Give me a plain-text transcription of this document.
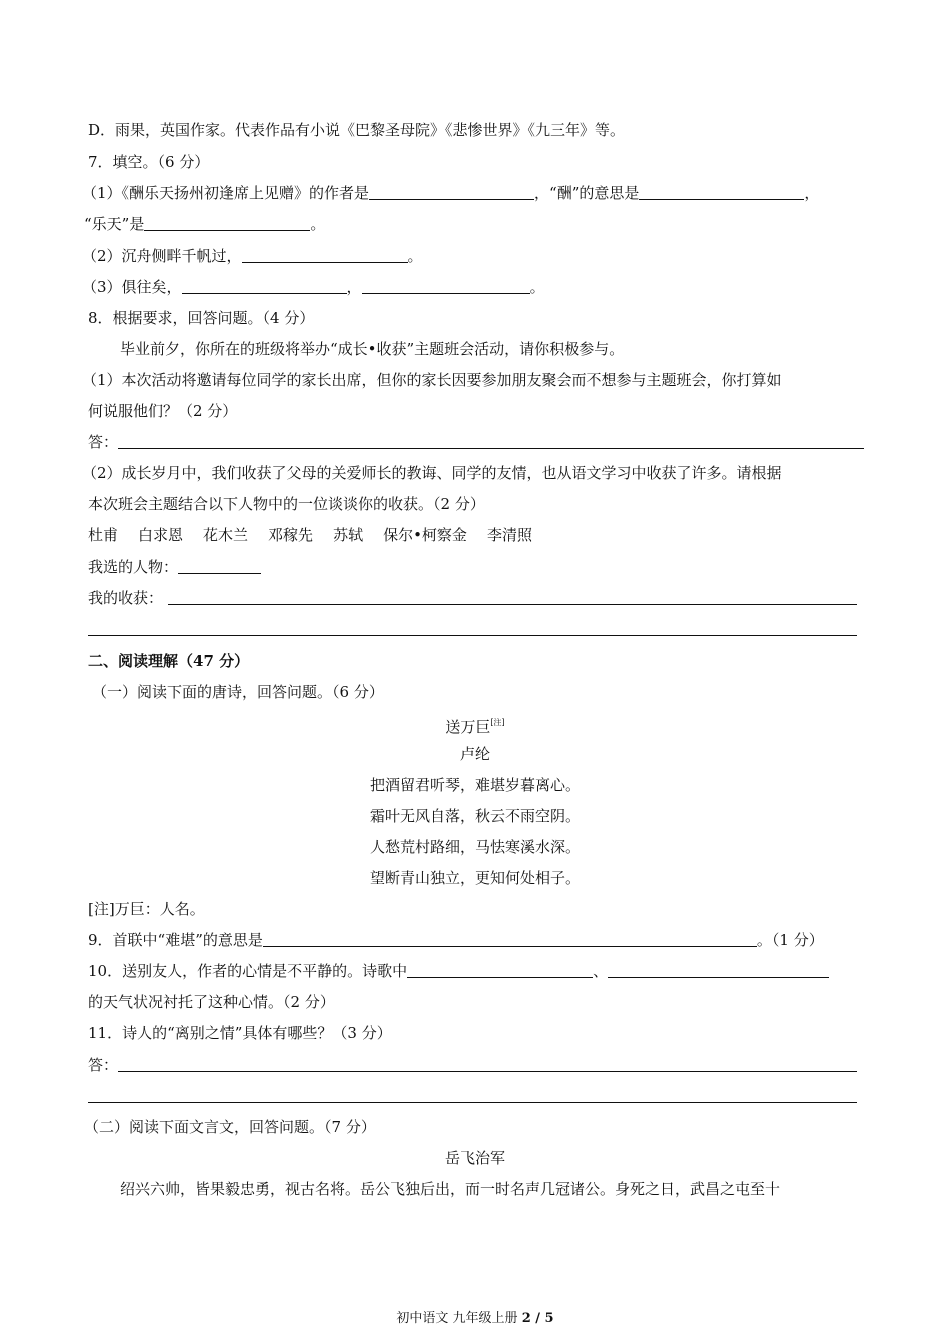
D．雨果，英国作家。代表作品有小说《巴黎圣母院》《悲惨世界》《九三年》等。
7．填空。（6 分）
（1）《酬乐天扬州初逢席上见赠》的作者是	，“酬”的意思是	，
“乐天”是	。
（2）沉舟侧畔千帆过，	。
（3）俱往矣，	，	。
8．根据要求，回答问题。（4 分）
毕业前夕，你所在的班级将举办“成长•收获”主题班会活动，请你积极参与。
（1）本次活动将邀请每位同学的家长出席，但你的家长因要参加朋友聚会而不想参与主题班会，你打算如
何说服他们？（2 分）
答：
（2）成长岁月中，我们收获了父母的关爱师长的教诲、同学的友情，也从语文学习中收获了许多。请根据
本次班会主题结合以下人物中的一位谈谈你的收获。（2 分）
杜甫 白求恩 花木兰 邓稼先 苏轼 保尔•柯察金 李清照
我选的人物：
我的收获：
二、阅读理解（47 分）
（一）阅读下面的唐诗，回答问题。（6 分）
送万巨[注]
卢纶
把酒留君听琴，难堪岁暮离心。
霜叶无风自落，秋云不雨空阴。
人愁荒村路细，马怯寒溪水深。
望断青山独立，更知何处相子。
[注]万巨：人名。
9．首联中“难堪”的意思是	。（1 分）
10．送别友人，作者的心情是不平静的。诗歌中	、
的天气状况衬托了这种心情。（2 分）
11．诗人的“离别之情”具体有哪些？（3 分）
答：
（二）阅读下面文言文，回答问题。（7 分）
岳飞治军
绍兴六帅，皆果毅忠勇，视古名将。岳公飞独后出，而一时名声几冠诸公。身死之日，武昌之屯至十
初中语文 九年级上册 2 / 5
